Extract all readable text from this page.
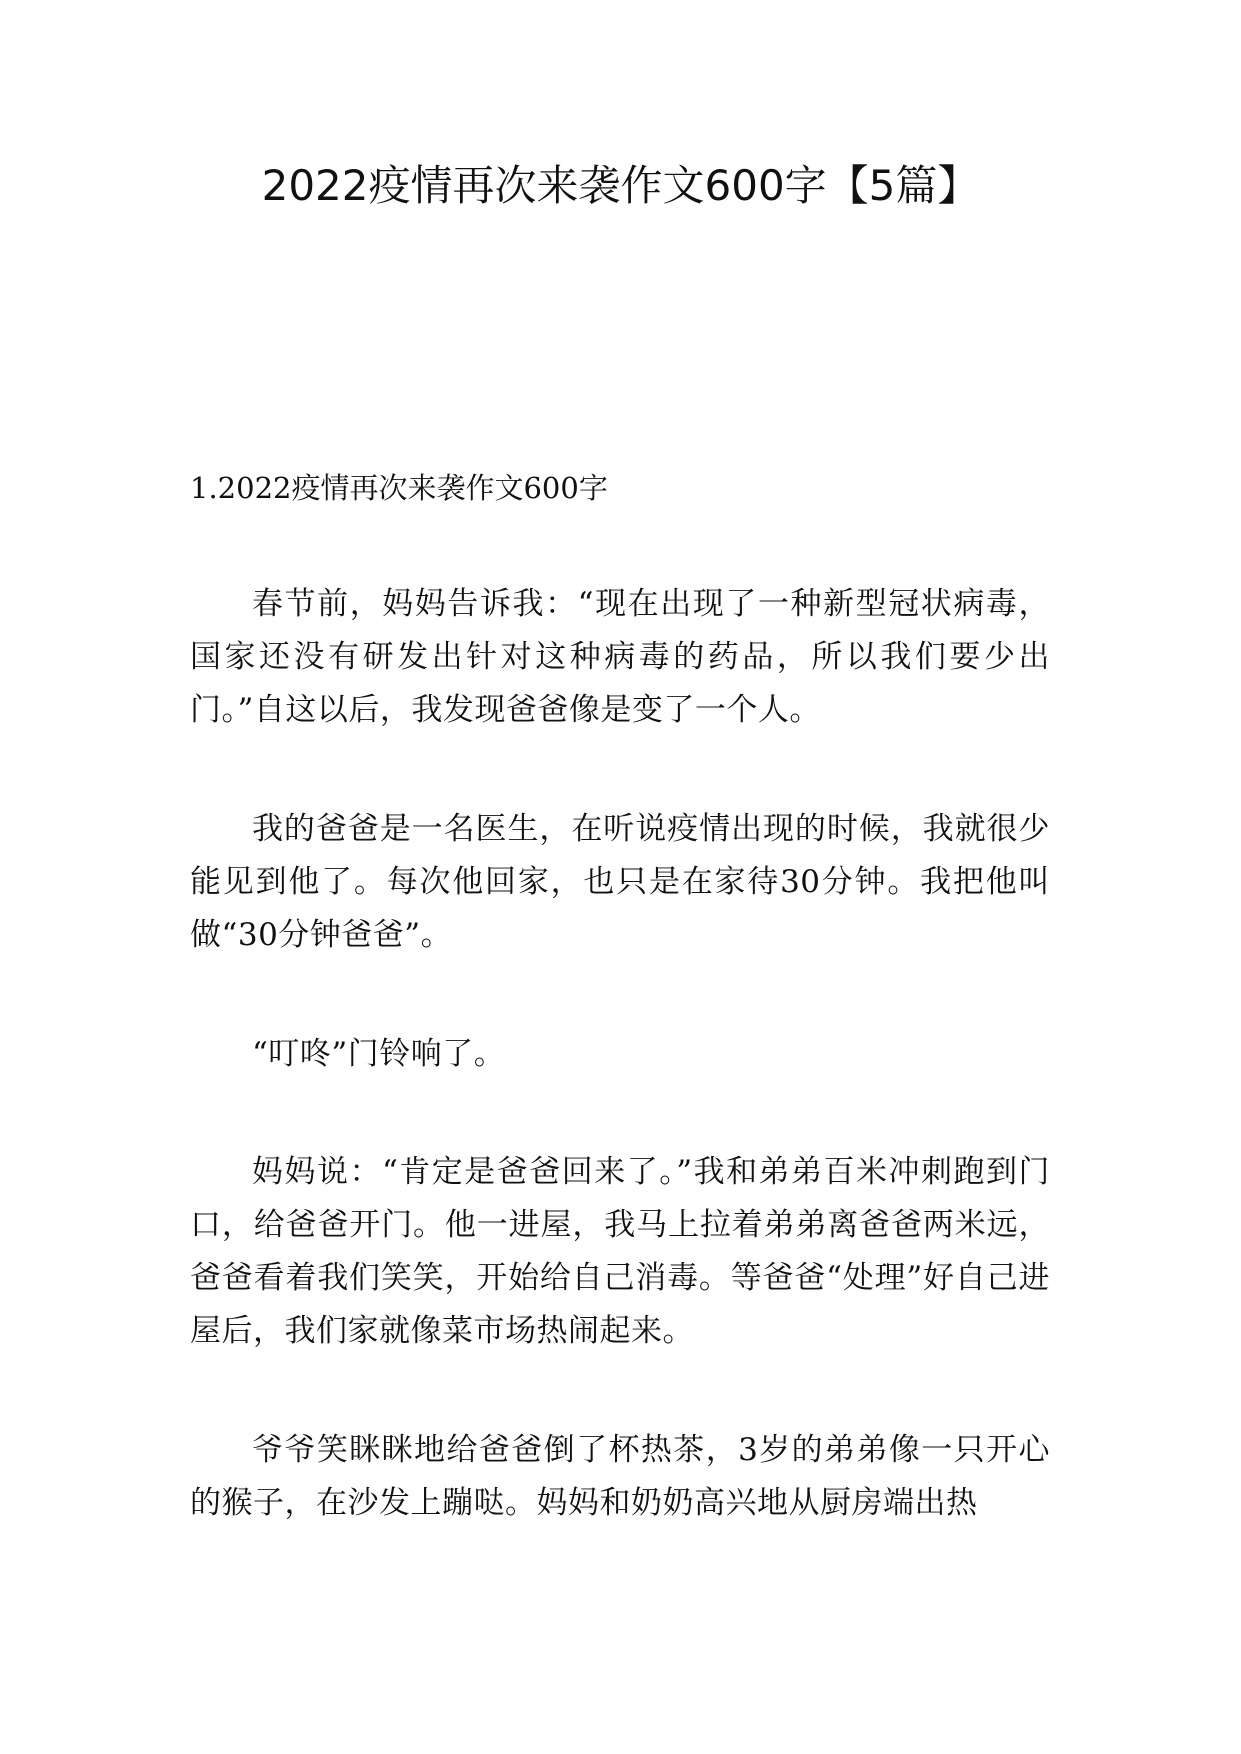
2022疫情再次来袭作文600字【5篇】
1.2022疫情再次来袭作文600字

春节前，妈妈告诉我：“现在出现了一种新型冠状病毒，国家还没有研发出针对这种病毒的药品，所以我们要少出门。”自这以后，我发现爸爸像是变了一个人。

我的爸爸是一名医生，在听说疫情出现的时候，我就很少能见到他了。每次他回家，也只是在家待30分钟。我把他叫做“30分钟爸爸”。

“叮咚”门铃响了。

妈妈说：“肯定是爸爸回来了。”我和弟弟百米冲刺跑到门口，给爸爸开门。他一进屋，我马上拉着弟弟离爸爸两米远，爸爸看着我们笑笑，开始给自己消毒。等爸爸“处理”好自己进屋后，我们家就像菜市场热闹起来。

爷爷笑眯眯地给爸爸倒了杯热茶，3岁的弟弟像一只开心的猴子，在沙发上蹦哒。妈妈和奶奶高兴地从厨房端出热
